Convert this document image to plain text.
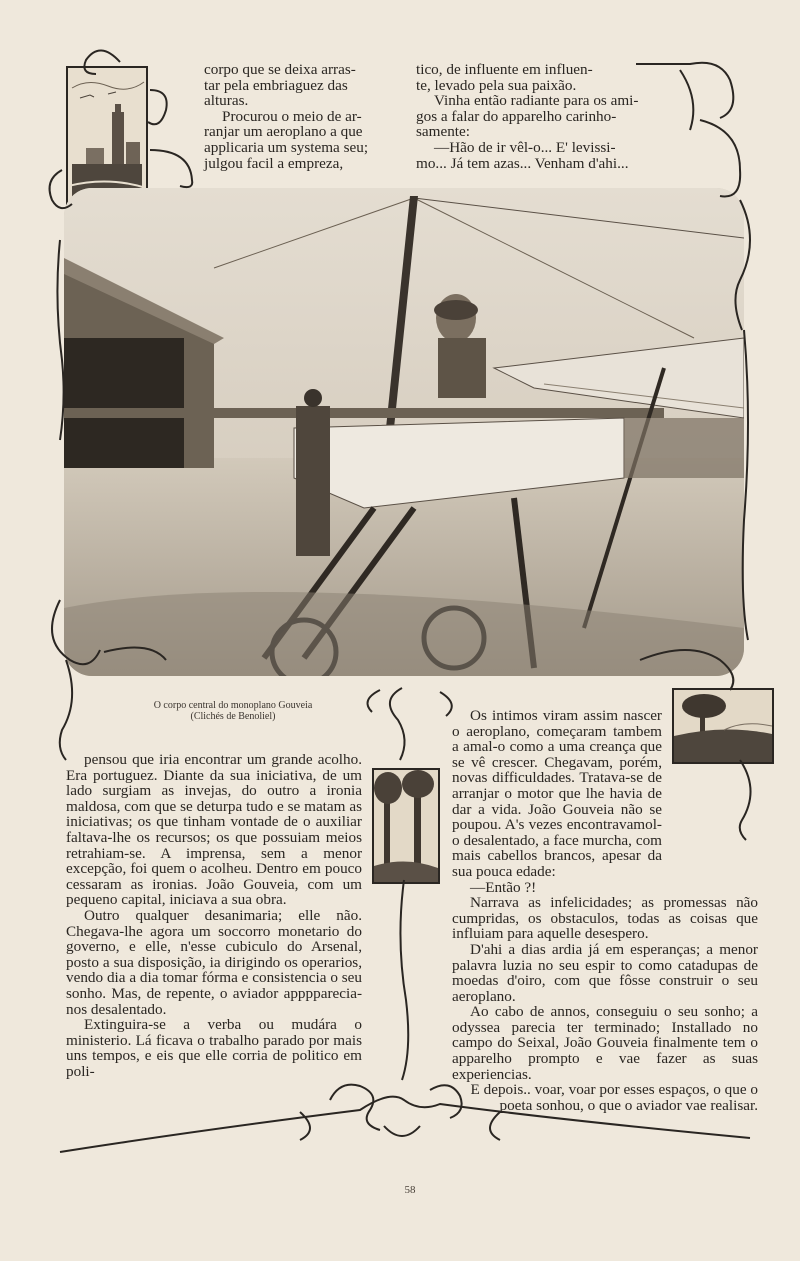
corpo que se deixa arras-

tar pela embriaguez das

alturas.

Procurou o meio de ar-

ranjar um aeroplano a que

applicaria um systema seu;

julgou facil a empreza,

tico, de influente em influen-

te, levado pela sua paixão.

Vinha então radiante para os ami-

gos a falar do apparelho carinho-

samente:

—Hão de ir vêl-o... E' levissi-

mo... Já tem azas... Venham d'ahi...

O corpo central do monoplano Gouveia
(Clichés de Benoliel)

pensou que iria encontrar um grande acolho. Era portuguez. Diante da sua iniciativa, de um lado surgiam as invejas, do outro a ironia maldosa, com que se deturpa tudo e se matam as iniciativas; os que tinham vontade de o auxiliar faltava-lhe os recursos; os que possuiam meios retrahiam-se. A imprensa, sem a menor excepção, foi quem o acolheu. Dentro em pouco cessaram as ironias. João Gouveia, com um pequeno capital, iniciava a sua obra.

Outro qualquer desanimaria; elle não. Chegava-lhe agora um soccorro monetario do governo, e elle, n'esse cubiculo do Arsenal, posto a sua disposição, ia dirigindo os operarios, vendo dia a dia tomar fórma e consistencia o seu sonho. Mas, de repente, o aviador apppparecia-nos desalentado.

Extinguira-se a verba ou mudára o ministerio. Lá ficava o trabalho parado por mais uns tempos, e eis que elle corria de politico em poli-

Os intimos viram assim nascer o aeroplano, começaram tambem a amal-o como a uma creança que se vê crescer. Chegavam, porém, novas difficuldades. Tratava-se de arranjar o motor que lhe havia de dar a vida. João Gouveia não se poupou. A's vezes encontravamol-o desalentado, a face murcha, com mais cabellos brancos, apesar da sua pouca edade:

—Então ?!

Narrava as infelicidades; as promessas não cumpridas, os obstaculos, todas as coisas que influiam para aquelle desespero.

D'ahi a dias ardia já em esperanças; a menor palavra luzia no seu espir to como catadupas de moedas d'oiro, com que fôsse construir o seu aeroplano.

Ao cabo de annos, conseguiu o seu sonho; a odyssea parecia ter terminado; Installado no campo do Seixal, João Gouveia finalmente tem o apparelho prompto e vae fazer as suas experiencias.

E depois.. voar, voar por esses espaços, o que o poeta sonhou, o que o aviador vae realisar.

58
